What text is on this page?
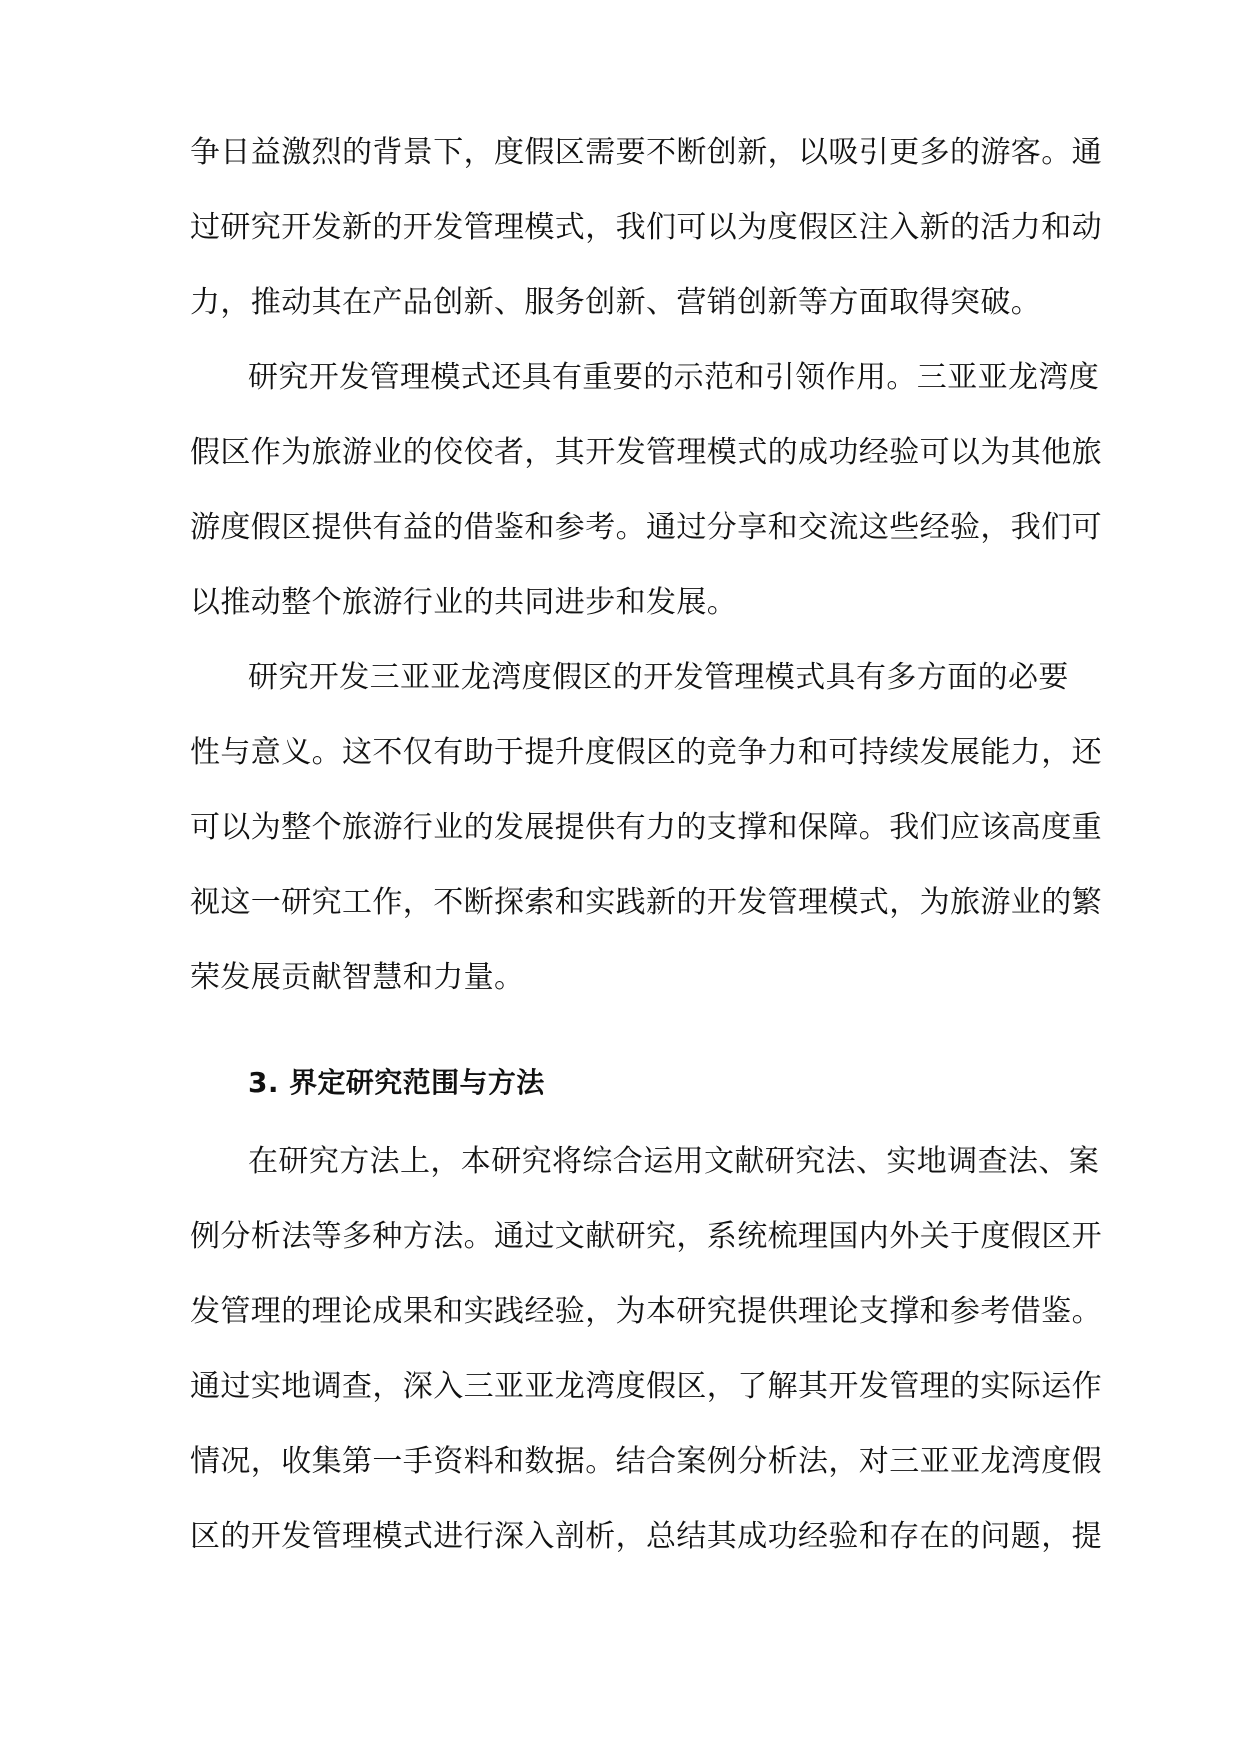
争日益激烈的背景下，度假区需要不断创新，以吸引更多的游客。通
过研究开发新的开发管理模式，我们可以为度假区注入新的活力和动
力，推动其在产品创新、服务创新、营销创新等方面取得突破。
研究开发管理模式还具有重要的示范和引领作用。三亚亚龙湾度
假区作为旅游业的佼佼者，其开发管理模式的成功经验可以为其他旅
游度假区提供有益的借鉴和参考。通过分享和交流这些经验，我们可
以推动整个旅游行业的共同进步和发展。
研究开发三亚亚龙湾度假区的开发管理模式具有多方面的必要
性与意义。这不仅有助于提升度假区的竞争力和可持续发展能力，还
可以为整个旅游行业的发展提供有力的支撑和保障。我们应该高度重
视这一研究工作，不断探索和实践新的开发管理模式，为旅游业的繁
荣发展贡献智慧和力量。
3. 界定研究范围与方法
在研究方法上，本研究将综合运用文献研究法、实地调查法、案
例分析法等多种方法。通过文献研究，系统梳理国内外关于度假区开
发管理的理论成果和实践经验，为本研究提供理论支撑和参考借鉴。
通过实地调查，深入三亚亚龙湾度假区，了解其开发管理的实际运作
情况，收集第一手资料和数据。结合案例分析法，对三亚亚龙湾度假
区的开发管理模式进行深入剖析，总结其成功经验和存在的问题，提
